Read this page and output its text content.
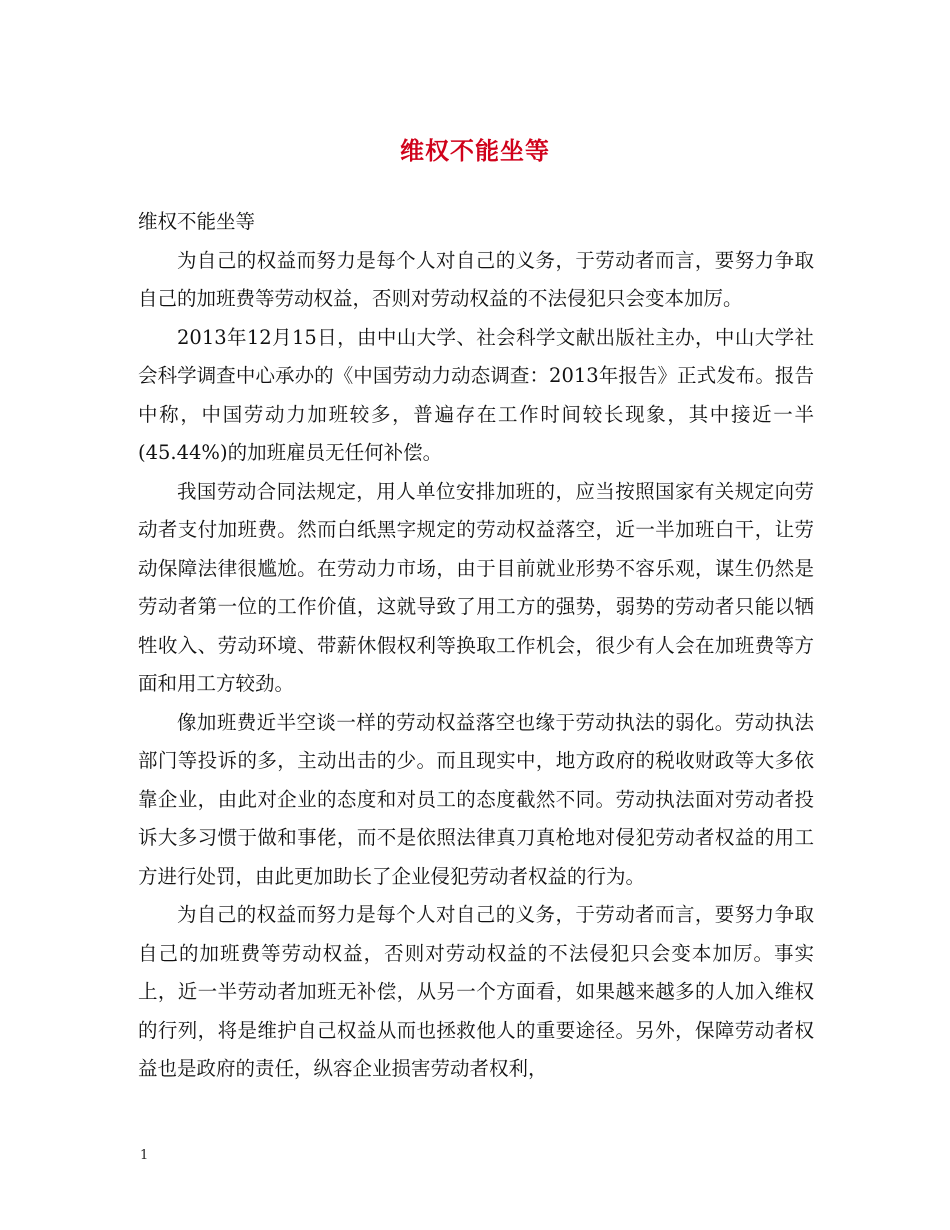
维权不能坐等

维权不能坐等

为自己的权益而努力是每个人对自己的义务，于劳动者而言，要努力争取自己的加班费等劳动权益，否则对劳动权益的不法侵犯只会变本加厉。

2013年12月15日，由中山大学、社会科学文献出版社主办，中山大学社会科学调查中心承办的《中国劳动力动态调查：2013年报告》正式发布。报告中称，中国劳动力加班较多，普遍存在工作时间较长现象，其中接近一半(45.44%)的加班雇员无任何补偿。

我国劳动合同法规定，用人单位安排加班的，应当按照国家有关规定向劳动者支付加班费。然而白纸黑字规定的劳动权益落空，近一半加班白干，让劳动保障法律很尴尬。在劳动力市场，由于目前就业形势不容乐观，谋生仍然是劳动者第一位的工作价值，这就导致了用工方的强势，弱势的劳动者只能以牺牲收入、劳动环境、带薪休假权利等换取工作机会，很少有人会在加班费等方面和用工方较劲。

像加班费近半空谈一样的劳动权益落空也缘于劳动执法的弱化。劳动执法部门等投诉的多，主动出击的少。而且现实中，地方政府的税收财政等大多依靠企业，由此对企业的态度和对员工的态度截然不同。劳动执法面对劳动者投诉大多习惯于做和事佬，而不是依照法律真刀真枪地对侵犯劳动者权益的用工方进行处罚，由此更加助长了企业侵犯劳动者权益的行为。

为自己的权益而努力是每个人对自己的义务，于劳动者而言，要努力争取自己的加班费等劳动权益，否则对劳动权益的不法侵犯只会变本加厉。事实上，近一半劳动者加班无补偿，从另一个方面看，如果越来越多的人加入维权的行列，将是维护自己权益从而也拯救他人的重要途径。另外，保障劳动者权益也是政府的责任，纵容企业损害劳动者权利，

1
